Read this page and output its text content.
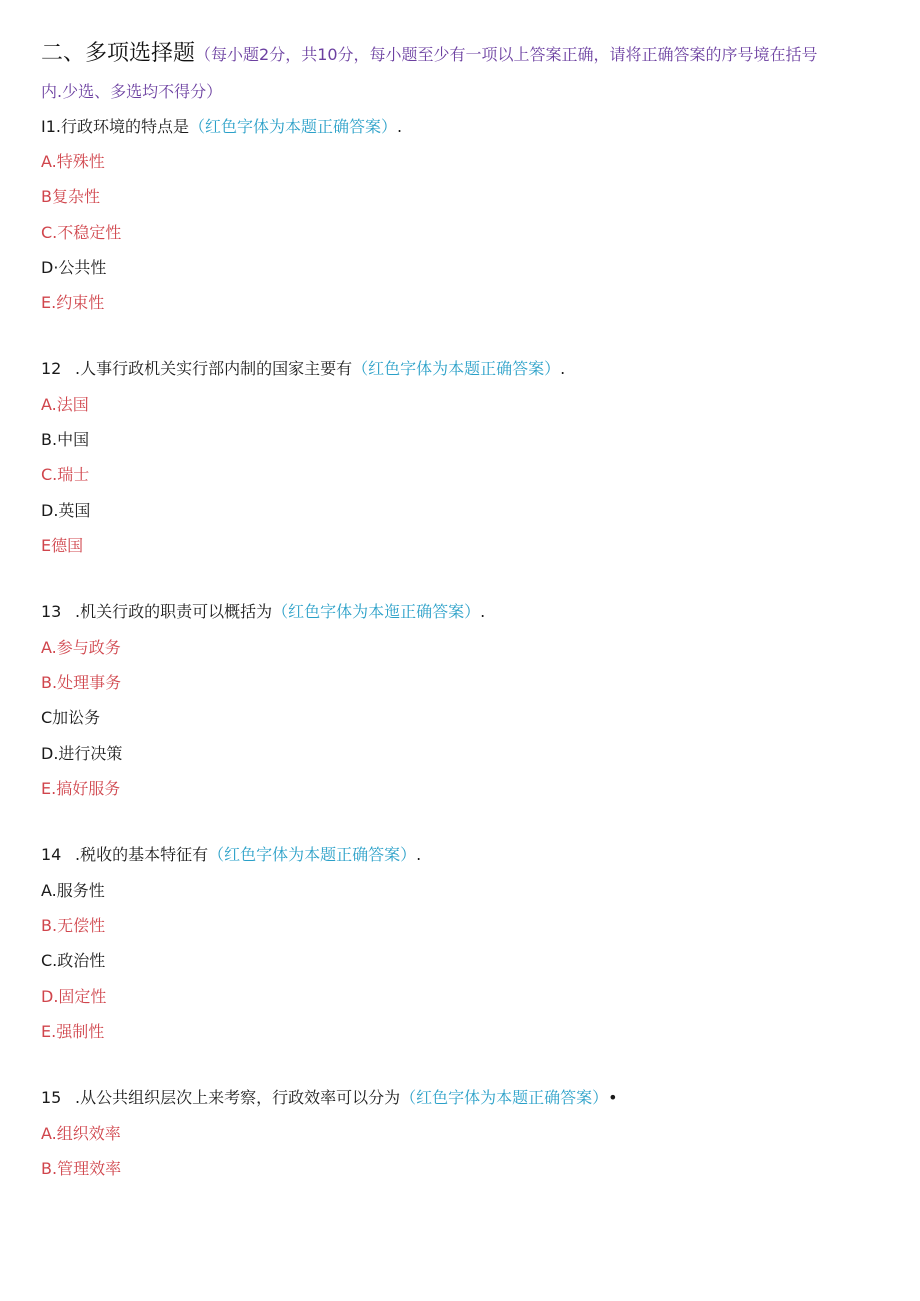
二、多项选择题（每小题2分，共10分，每小题至少有一项以上答案正确，请将正确答案的序号境在括号
内.少选、多选均不得分）
I1.行政环境的特点是（红色字体为本题正确答案）.
A.特殊性
B复杂性
C.不稳定性
D·公共性
E.约束性
12 .人事行政机关实行部内制的国家主要有（红色字体为本题正确答案）.
A.法国
B.中国
C.瑞士
D.英国
E德国
13 .机关行政的职责可以概括为（红色字体为本迤正确答案）.
A.参与政务
B.处理事务
C加讼务
D.进行决策
E.搞好服务
14 .税收的基本特征有（红色字体为本题正确答案）.
A.服务性
B.无偿性
C.政治性
D.固定性
E.强制性
15 .从公共组织层次上来考察，行政效率可以分为（红色字体为本题正确答案）•
A.组织效率
B.管理效率
